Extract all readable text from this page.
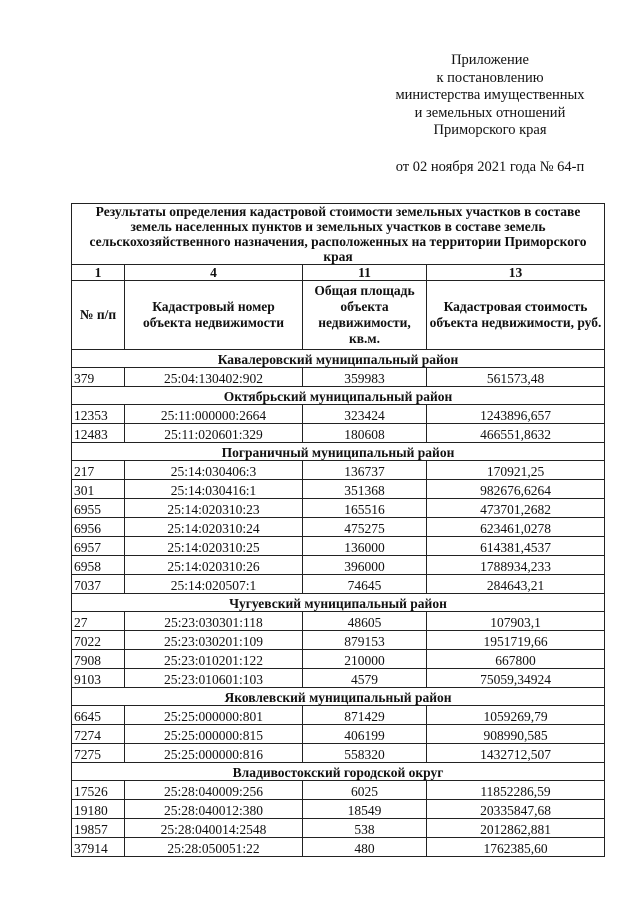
Приложение
к постановлению
министерства имущественных
и земельных отношений
Приморского края
от 02 ноября 2021 года № 64-п
Результаты определения кадастровой стоимости земельных участков в составе земель населенных пунктов и земельных участков в составе земель сельскохозяйственного назначения, расположенных на территории Приморского края			
1	4	11	13
№ п/п	Кадастровый номер объекта недвижимости	Общая площадь объекта недвижимости, кв.м.	Кадастровая стоимость объекта недвижимости, руб.
Кавалеровский муниципальный район			
379	25:04:130402:902	359983	561573,48
Октябрьский муниципальный район			
12353	25:11:000000:2664	323424	1243896,657
12483	25:11:020601:329	180608	466551,8632
Пограничный муниципальный район			
217	25:14:030406:3	136737	170921,25
301	25:14:030416:1	351368	982676,6264
6955	25:14:020310:23	165516	473701,2682
6956	25:14:020310:24	475275	623461,0278
6957	25:14:020310:25	136000	614381,4537
6958	25:14:020310:26	396000	1788934,233
7037	25:14:020507:1	74645	284643,21
Чугуевский муниципальный район			
27	25:23:030301:118	48605	107903,1
7022	25:23:030201:109	879153	1951719,66
7908	25:23:010201:122	210000	667800
9103	25:23:010601:103	4579	75059,34924
Яковлевский муниципальный район			
6645	25:25:000000:801	871429	1059269,79
7274	25:25:000000:815	406199	908990,585
7275	25:25:000000:816	558320	1432712,507
Владивостокский городской округ			
17526	25:28:040009:256	6025	11852286,59
19180	25:28:040012:380	18549	20335847,68
19857	25:28:040014:2548	538	2012862,881
37914	25:28:050051:22	480	1762385,60
